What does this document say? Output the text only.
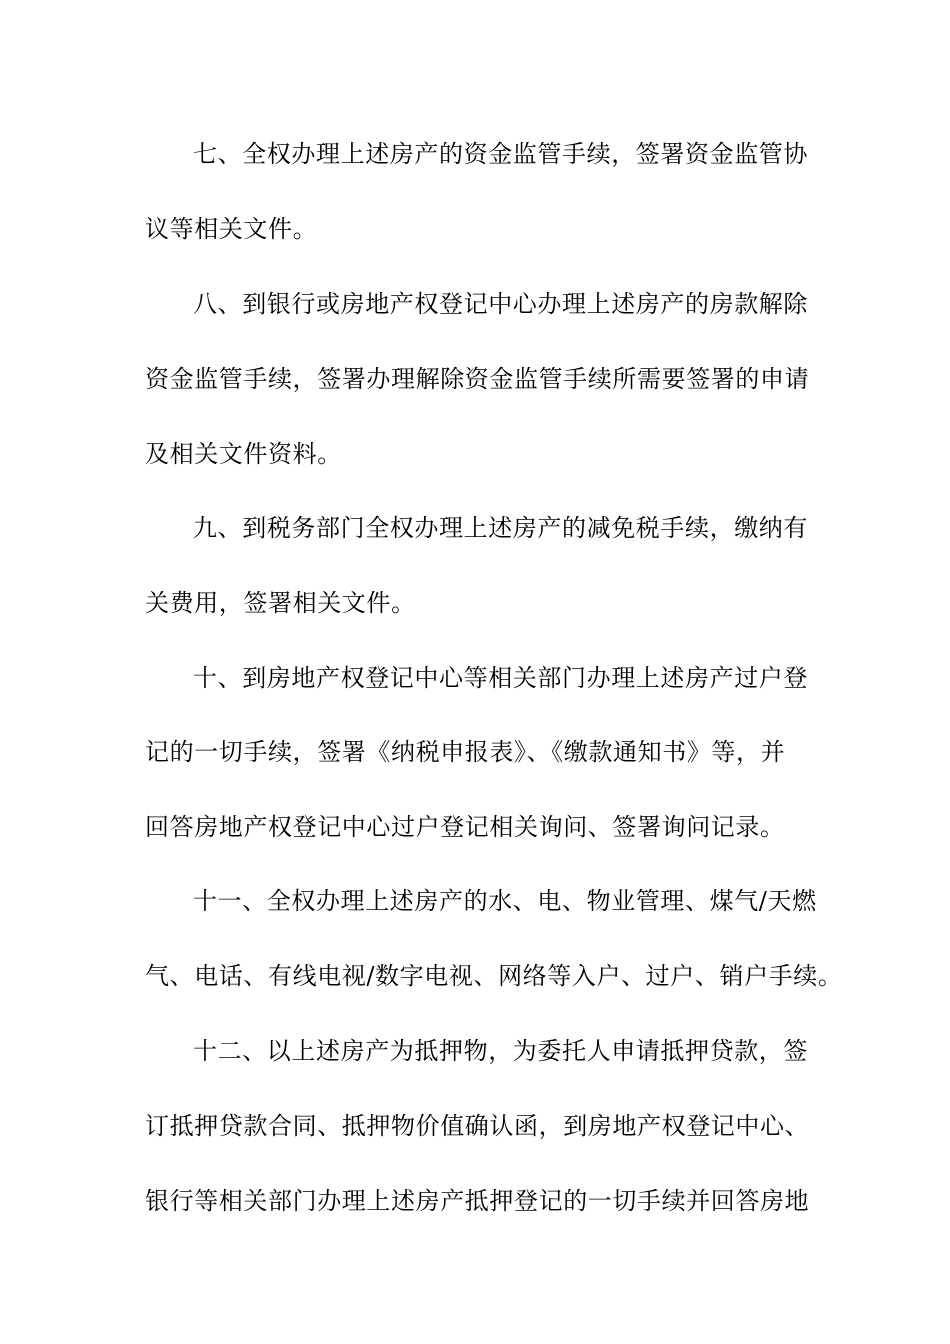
七、全权办理上述房产的资金监管手续，签署资金监管协
议等相关文件。
八、到银行或房地产权登记中心办理上述房产的房款解除
资金监管手续，签署办理解除资金监管手续所需要签署的申请
及相关文件资料。
九、到税务部门全权办理上述房产的减免税手续，缴纳有
关费用，签署相关文件。
十、到房地产权登记中心等相关部门办理上述房产过户登
记的一切手续，签署《纳税申报表》、《缴款通知书》等，并
回答房地产权登记中心过户登记相关询问、签署询问记录。
十一、全权办理上述房产的水、电、物业管理、煤气/天燃
气、电话、有线电视/数字电视、网络等入户、过户、销户手续。
十二、以上述房产为抵押物，为委托人申请抵押贷款，签
订抵押贷款合同、抵押物价值确认函，到房地产权登记中心、
银行等相关部门办理上述房产抵押登记的一切手续并回答房地
